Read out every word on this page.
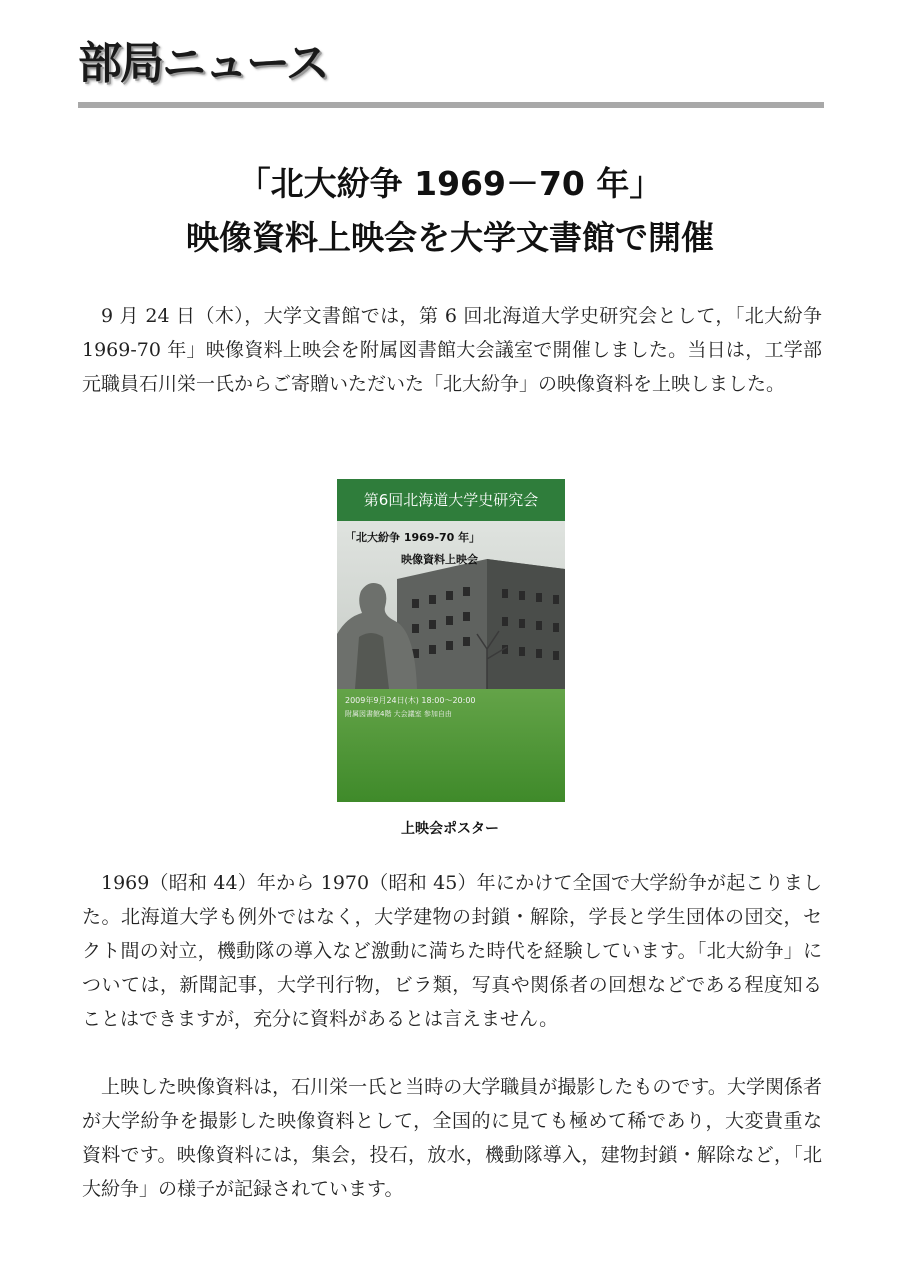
部局ニュース
「北大紛争 1969－70 年」
映像資料上映会を大学文書館で開催

9 月 24 日（木），大学文書館では，第 6 回北海道大学史研究会として，「北大紛争 1969-70 年」映像資料上映会を附属図書館大会議室で開催しました。当日は，工学部元職員石川栄一氏からご寄贈いただいた「北大紛争」の映像資料を上映しました。

第6回北海道大学史研究会
「北大紛争 1969-70 年」
映像資料上映会
2009年9月24日(木) 18:00〜20:00
附属図書館4階 大会議室 参加自由
上映会ポスター

1969（昭和 44）年から 1970（昭和 45）年にかけて全国で大学紛争が起こりました。北海道大学も例外ではなく，大学建物の封鎖・解除，学長と学生団体の団交，セクト間の対立，機動隊の導入など激動に満ちた時代を経験しています。「北大紛争」については，新聞記事，大学刊行物，ビラ類，写真や関係者の回想などである程度知ることはできますが，充分に資料があるとは言えません。

上映した映像資料は，石川栄一氏と当時の大学職員が撮影したものです。大学関係者が大学紛争を撮影した映像資料として，全国的に見ても極めて稀であり，大変貴重な資料です。映像資料には，集会，投石，放水，機動隊導入，建物封鎖・解除など，「北大紛争」の様子が記録されています。
